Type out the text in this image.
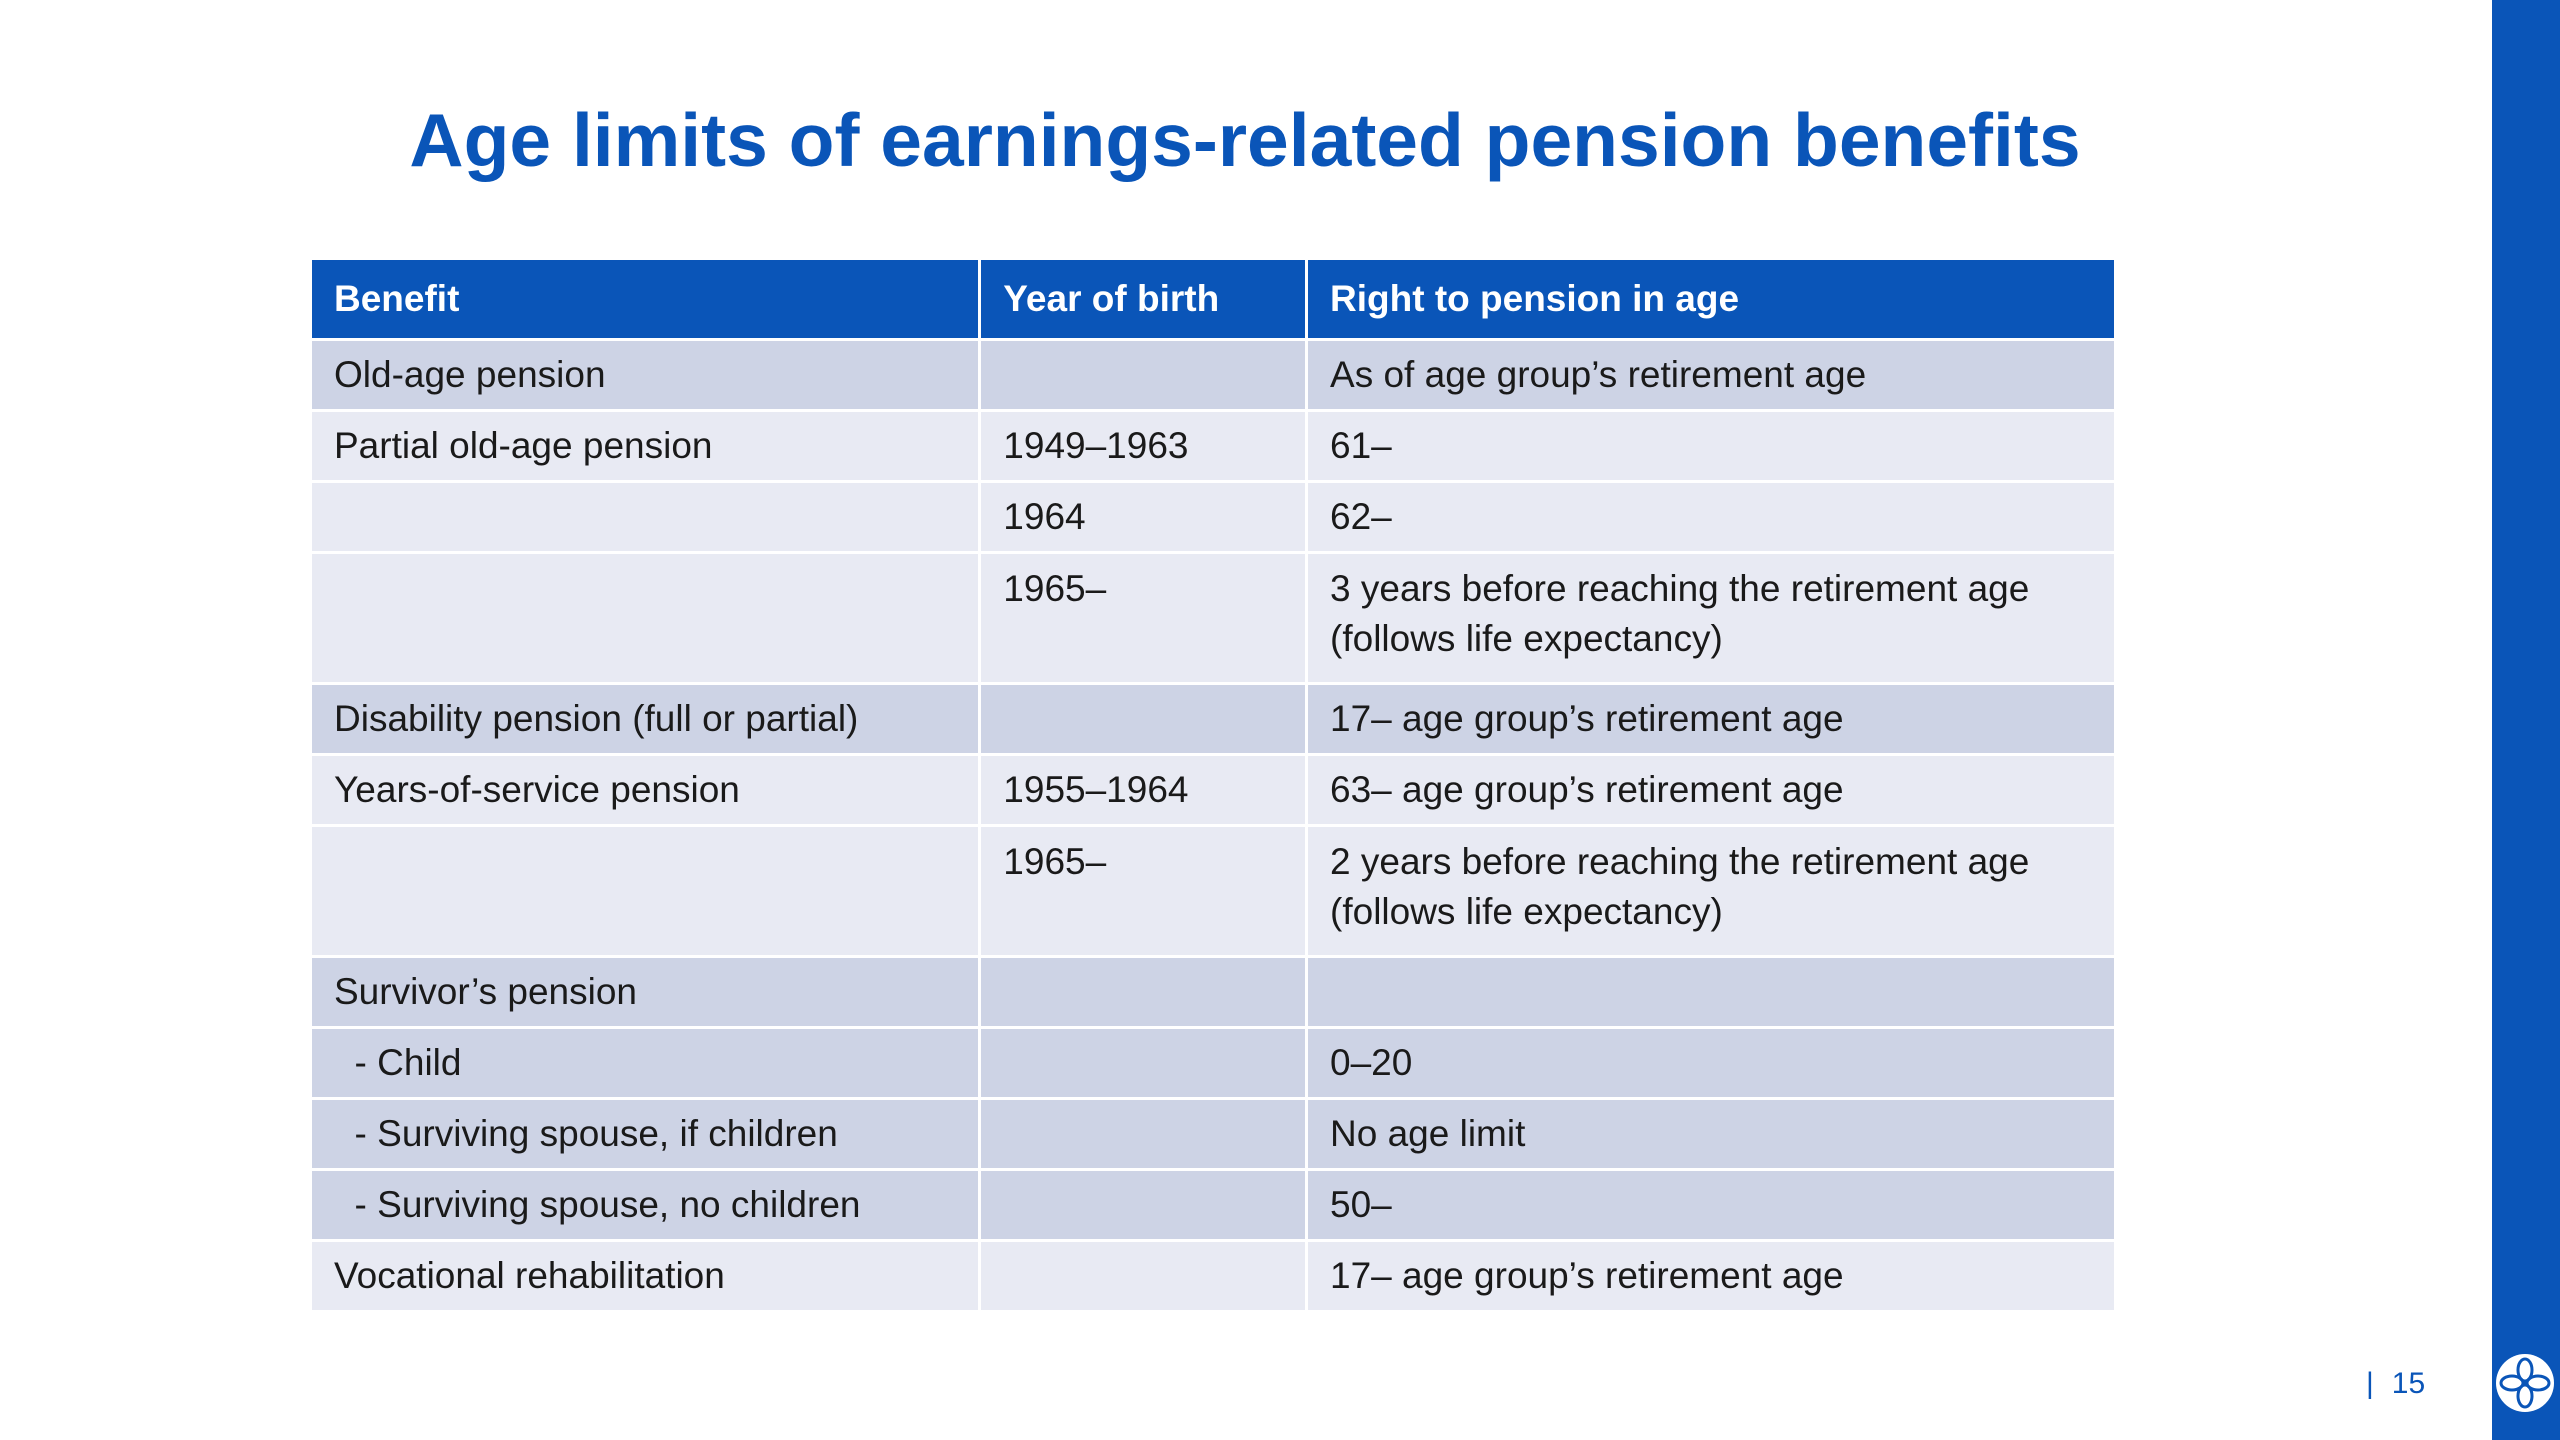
Age limits of earnings-related pension benefits
Benefit	Year of birth	Right to pension in age
Old-age pension		As of age group’s retirement age
Partial old-age pension	1949–1963	61–
	1964	62–
	1965–	3 years before reaching the retirement age
(follows life expectancy)

Disability pension (full or partial)		17– age group’s retirement age
Years-of-service pension	1955–1964	63– age group’s retirement age
	1965–	2 years before reaching the retirement age
(follows life expectancy)

Survivor’s pension		
- Child		0–20
- Surviving spouse, if children		No age limit
- Surviving spouse, no children		50–
Vocational rehabilitation		17– age group’s retirement age
| 15
